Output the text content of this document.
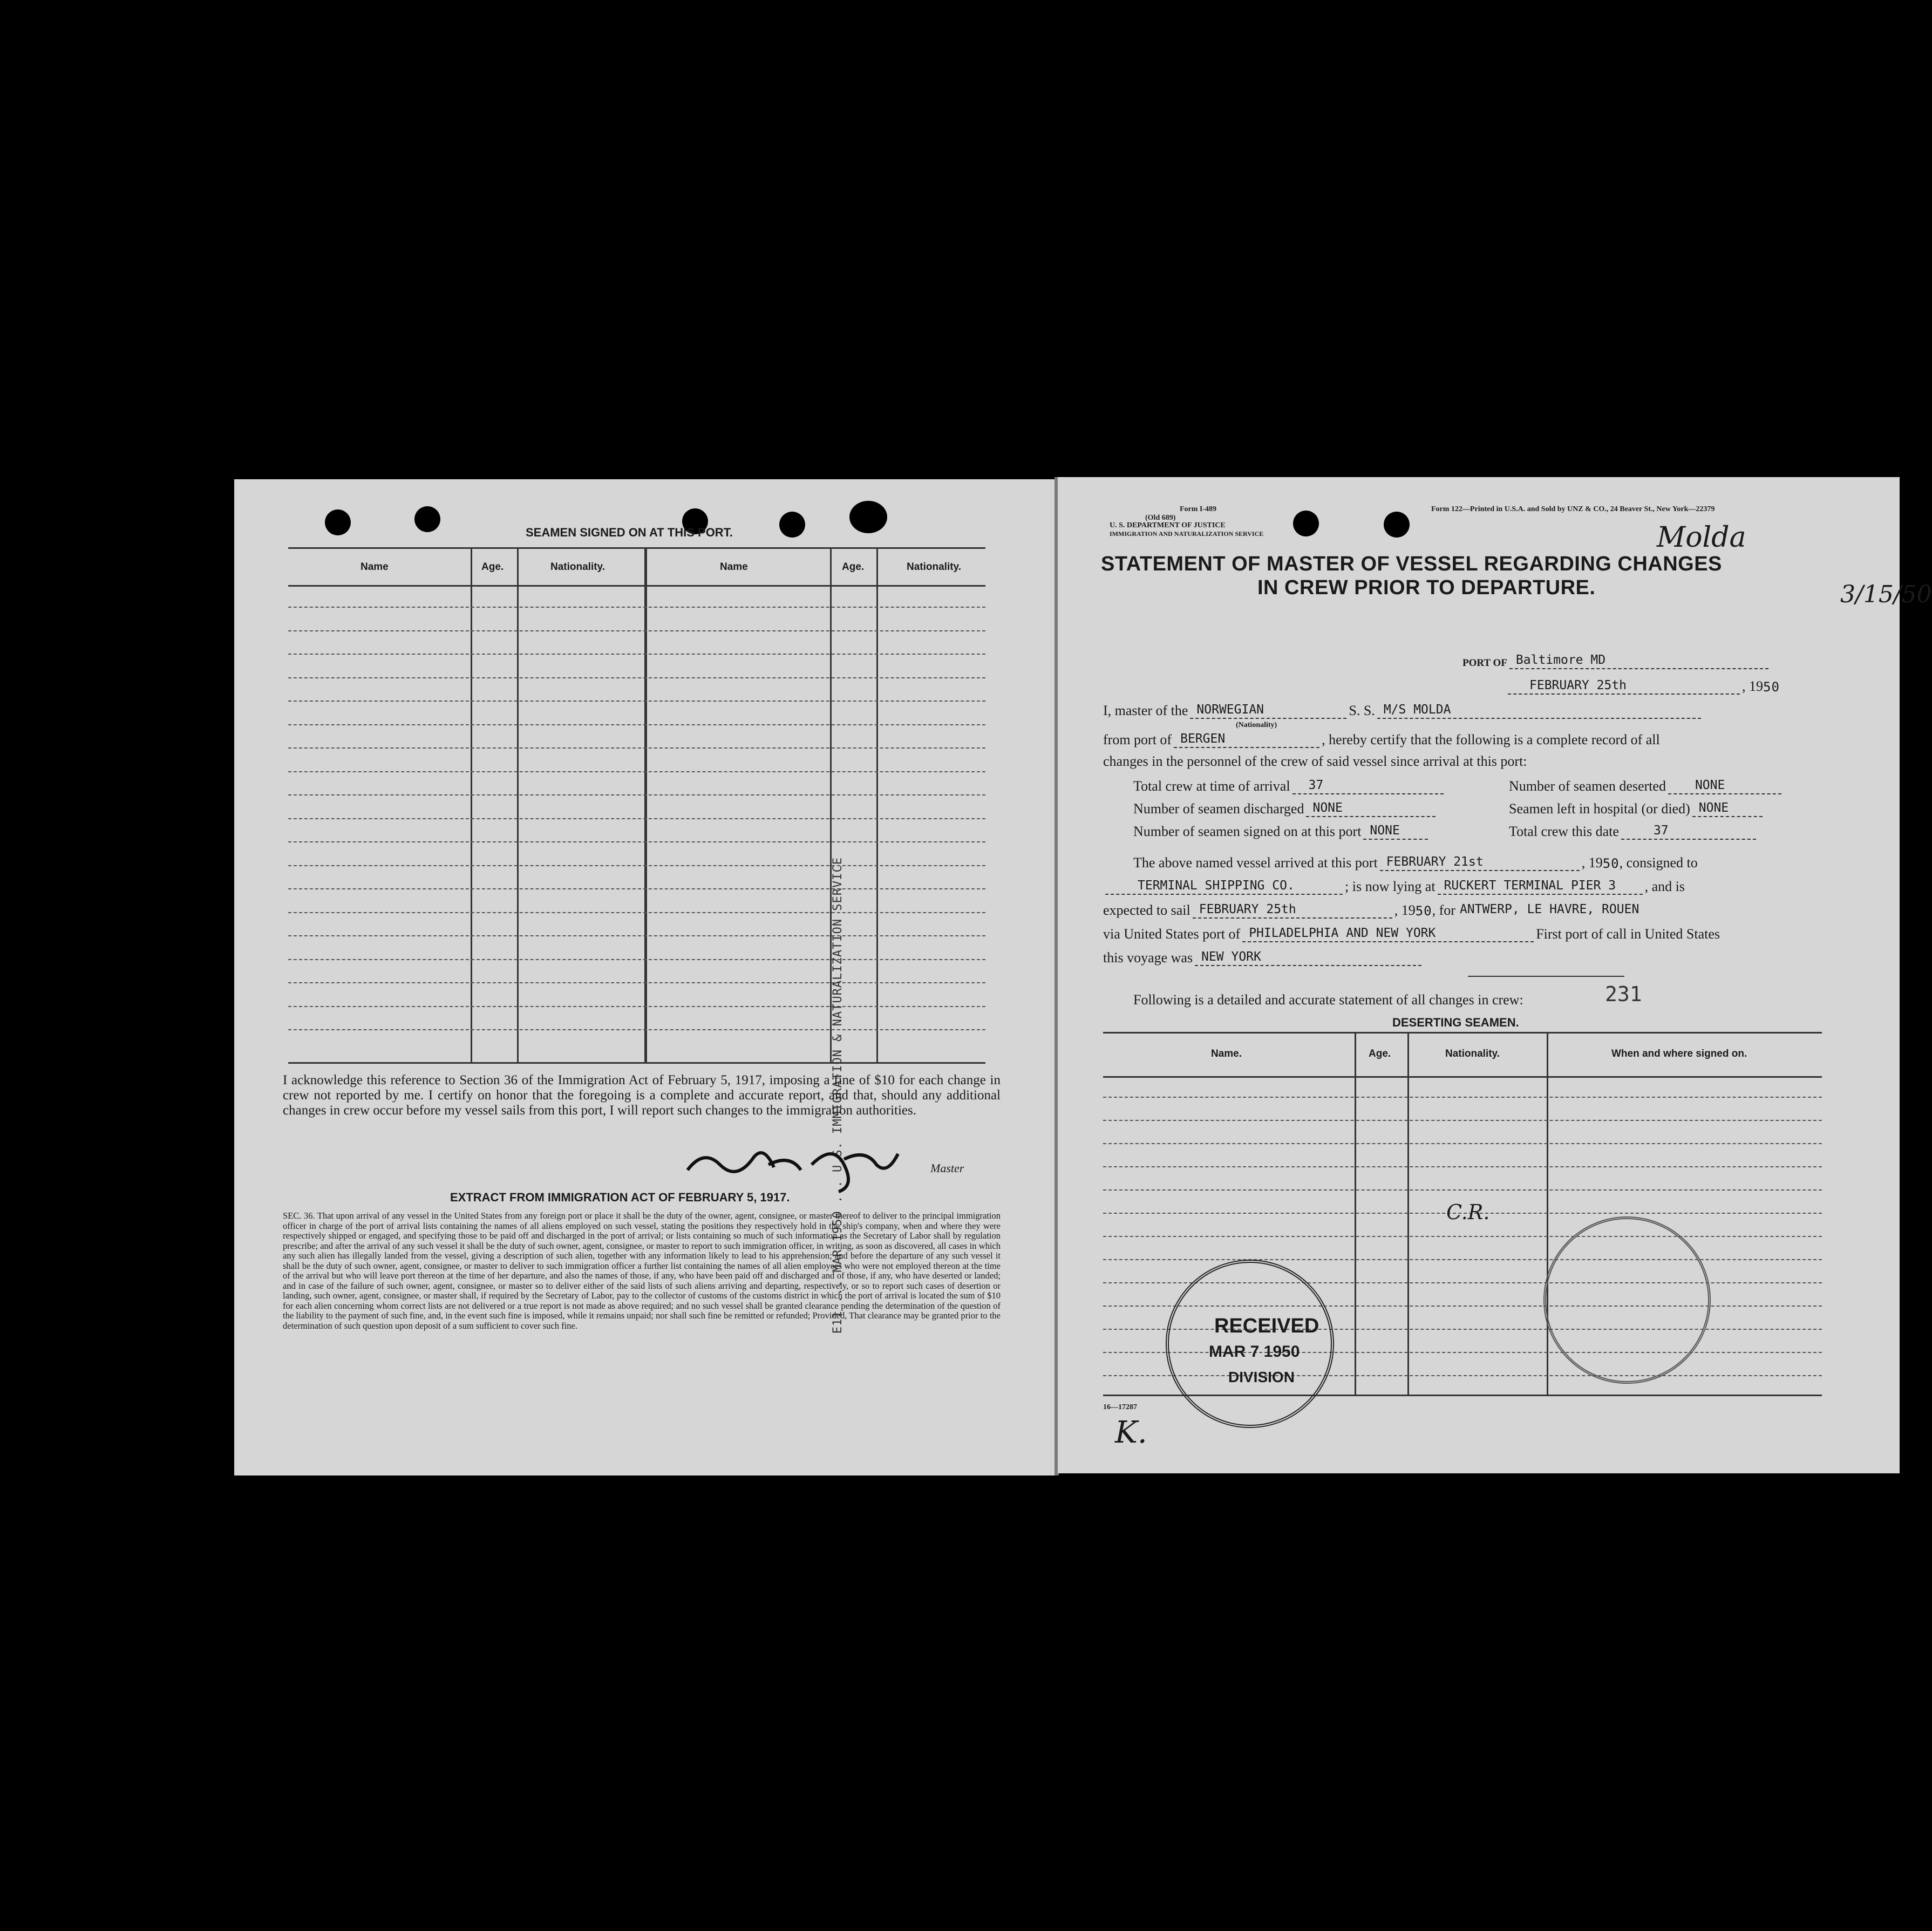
SEAMEN SIGNED ON AT THIS PORT.
Name	Age.	Nationality.	Name	Age.	Nationality.
E11 ... MAR 1950 ... U.S. IMMIGRATION & NATURALIZATION SERVICE
I acknowledge this reference to Section 36 of the Immigration Act of February 5, 1917, imposing a fine of $10 for each change in crew not reported by me. I certify on honor that the foregoing is a complete and accurate report, and that, should any additional changes in crew occur before my vessel sails from this port, I will report such changes to the immigration authorities.
Master
EXTRACT FROM IMMIGRATION ACT OF FEBRUARY 5, 1917.
SEC. 36. That upon arrival of any vessel in the United States from any foreign port or place it shall be the duty of the owner, agent, consignee, or master thereof to deliver to the principal immigration officer in charge of the port of arrival lists containing the names of all aliens employed on such vessel, stating the positions they respectively hold in the ship's company, when and where they were respectively shipped or engaged, and specifying those to be paid off and discharged in the port of arrival; or lists containing so much of such information as the Secretary of Labor shall by regulation prescribe; and after the arrival of any such vessel it shall be the duty of such owner, agent, consignee, or master to report to such immigration officer, in writing, as soon as discovered, all cases in which any such alien has illegally landed from the vessel, giving a description of such alien, together with any information likely to lead to his apprehension; and before the departure of any such vessel it shall be the duty of such owner, agent, consignee, or master to deliver to such immigration officer a further list containing the names of all alien employees who were not employed thereon at the time of the arrival but who will leave port thereon at the time of her departure, and also the names of those, if any, who have been paid off and discharged and of those, if any, who have deserted or landed; and in case of the failure of such owner, agent, consignee, or master so to deliver either of the said lists of such aliens arriving and departing, respectively, or so to report such cases of desertion or landing, such owner, agent, consignee, or master shall, if required by the Secretary of Labor, pay to the collector of customs of the customs district in which the port of arrival is located the sum of $10 for each alien concerning whom correct lists are not delivered or a true report is not made as above required; and no such vessel shall be granted clearance pending the determination of the question of the liability to the payment of such fine, and, in the event such fine is imposed, while it remains unpaid; nor shall such fine be remitted or refunded; Provided, That clearance may be granted prior to the determination of such question upon deposit of a sum sufficient to cover such fine.
Form I-489
(Old 689)
U. S. DEPARTMENT OF JUSTICE
IMMIGRATION AND NATURALIZATION SERVICE
Form 122—Printed in U.S.A. and Sold by UNZ & CO., 24 Beaver St., New York—22379
Molda
3/15/50
STATEMENT OF MASTER OF VESSEL REGARDING CHANGES
IN CREW PRIOR TO DEPARTURE.
PORT OF Baltimore MD
FEBRUARY 25th	, 19 50
I, master of the NORWEGIAN	S. S. M/S MOLDA
(Nationality)
from port of BERGEN	, hereby certify that the following is a complete record of all
changes in the personnel of the crew of said vessel since arrival at this port:
Total crew at time of arrival 37	Number of seamen deserted NONE
Number of seamen discharged NONE	Seamen left in hospital (or died) NONE
Number of seamen signed on at this port NONE	Total crew this date	37
The above named vessel arrived at this port FEBRUARY 21st	, 19 50 , consigned to
TERMINAL SHIPPING CO.	; is now lying at RUCKERT TERMINAL PIER 3 , and is
expected to sail FEBRUARY 25th	, 19 50 , for ANTWERP, LE HAVRE, ROUEN
via United States port of PHILADELPHIA AND NEW YORK	First port of call in United States
this voyage was NEW YORK
Following is a detailed and accurate statement of all changes in crew:	231
DESERTING SEAMEN.
Name.	Age.	Nationality.	When and where signed on.
C.R.
RECEIVED
MAR 7 1950
DIVISION
16—17287
K.
